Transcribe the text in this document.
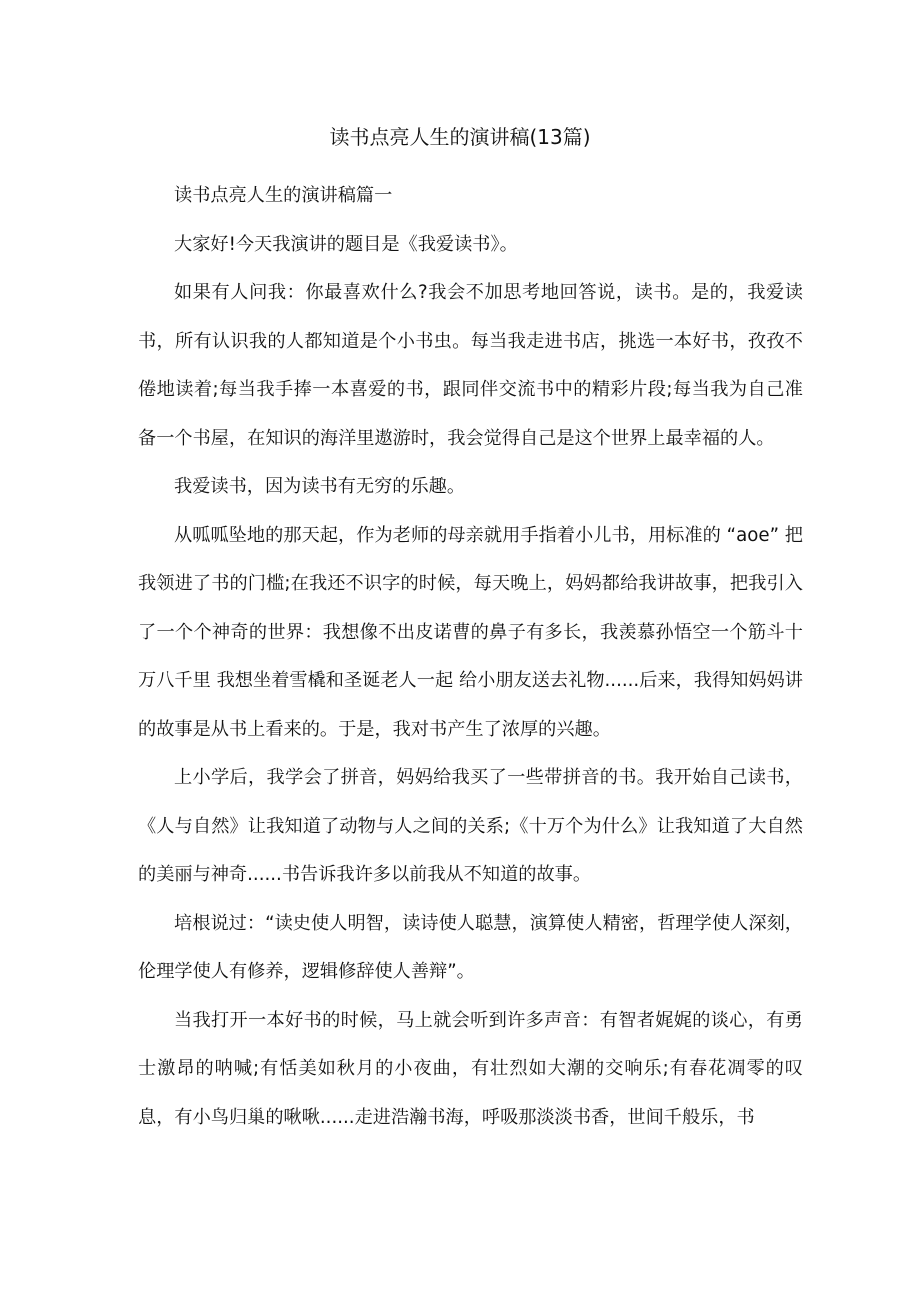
读书点亮人生的演讲稿(13篇)

读书点亮人生的演讲稿篇一

大家好!今天我演讲的题目是《我爱读书》。

如果有人问我：你最喜欢什么?我会不加思考地回答说，读书。是的，我爱读书，所有认识我的人都知道是个小书虫。每当我走进书店，挑选一本好书，孜孜不倦地读着;每当我手捧一本喜爱的书，跟同伴交流书中的精彩片段;每当我为自己准备一个书屋，在知识的海洋里遨游时，我会觉得自己是这个世界上最幸福的人。

我爱读书，因为读书有无穷的乐趣。

从呱呱坠地的那天起，作为老师的母亲就用手指着小儿书，用标准的 “aoe” 把我领进了书的门槛;在我还不识字的时候，每天晚上，妈妈都给我讲故事，把我引入了一个个神奇的世界：我想像不出皮诺曹的鼻子有多长，我羡慕孙悟空一个筋斗十万八千里 我想坐着雪橇和圣诞老人一起 给小朋友送去礼物......后来，我得知妈妈讲的故事是从书上看来的。于是，我对书产生了浓厚的兴趣。

上小学后，我学会了拼音，妈妈给我买了一些带拼音的书。我开始自己读书，《人与自然》让我知道了动物与人之间的关系;《十万个为什么》让我知道了大自然的美丽与神奇......书告诉我许多以前我从不知道的故事。

培根说过：“读史使人明智，读诗使人聪慧，演算使人精密，哲理学使人深刻，伦理学使人有修养，逻辑修辞使人善辩”。

当我打开一本好书的时候，马上就会听到许多声音：有智者娓娓的谈心，有勇士激昂的呐喊;有恬美如秋月的小夜曲，有壮烈如大潮的交响乐;有春花凋零的叹息，有小鸟归巢的啾啾......走进浩瀚书海，呼吸那淡淡书香，世间千般乐，书
